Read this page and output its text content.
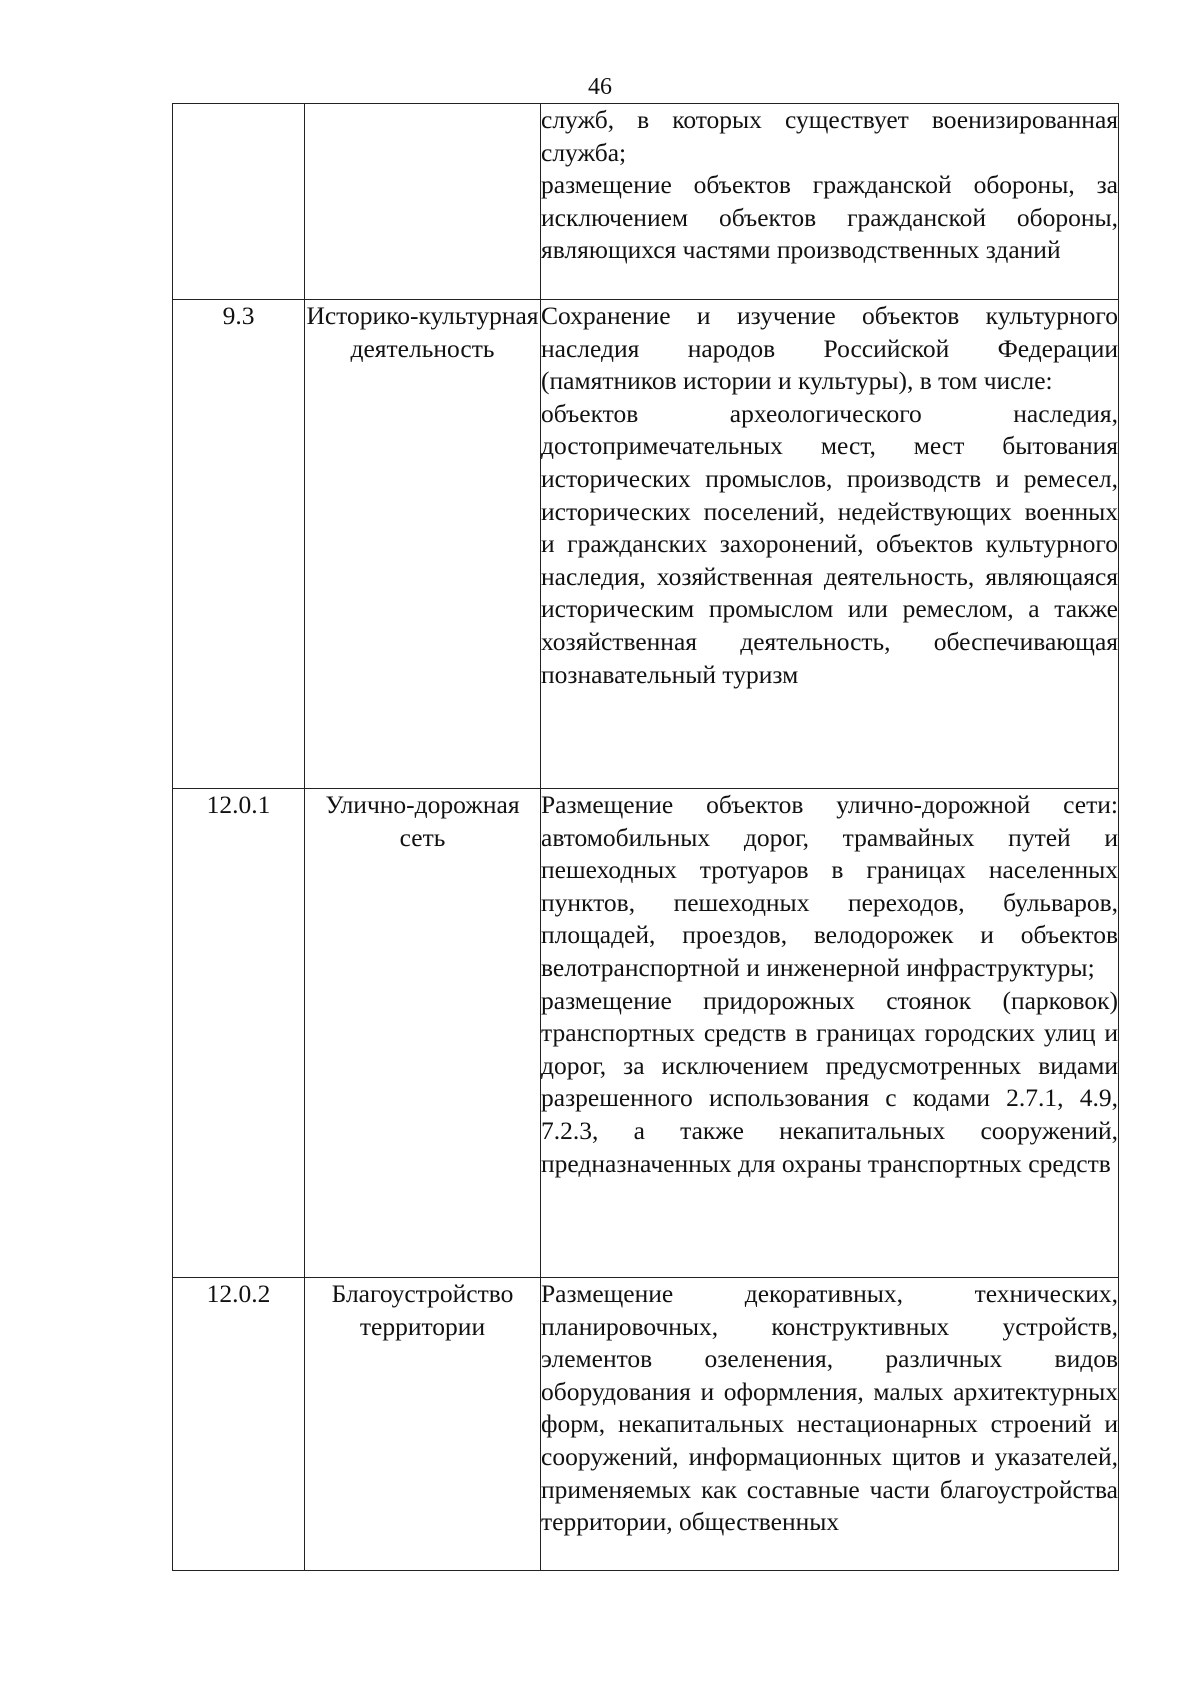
46

		служб, в которых существует военизированная служба;

размещение объектов гражданской обороны, за исключением объектов гражданской обороны, являющихся частями производственных зданий

9.3	Историко-культурная деятельность	Сохранение и изучение объектов культурного наследия народов Российской Федерации (памятников истории и культуры), в том числе:

объектов археологического наследия, достопримечательных мест, мест бытования исторических промыслов, производств и ремесел, исторических поселений, недействующих военных и гражданских захоронений, объектов культурного наследия, хозяйственная деятельность, являющаяся историческим промыслом или ремеслом, а также хозяйственная деятельность, обеспечивающая познавательный туризм

12.0.1	Улично-дорожная сеть	Размещение объектов улично-дорожной сети: автомобильных дорог, трамвайных путей и пешеходных тротуаров в границах населенных пунктов, пешеходных переходов, бульваров, площадей, проездов, велодорожек и объектов велотранспортной и инженерной инфраструктуры;

размещение придорожных стоянок (парковок) транспортных средств в границах городских улиц и дорог, за исключением предусмотренных видами разрешенного использования с кодами 2.7.1, 4.9, 7.2.3, а также некапитальных сооружений, предназначенных для охраны транспортных средств

12.0.2	Благоустройство территории	Размещение декоративных, технических, планировочных, конструктивных устройств, элементов озеленения, различных видов оборудования и оформления, малых архитектурных форм, некапитальных нестационарных строений и сооружений, информационных щитов и указателей, применяемых как составные части благоустройства территории, общественных
